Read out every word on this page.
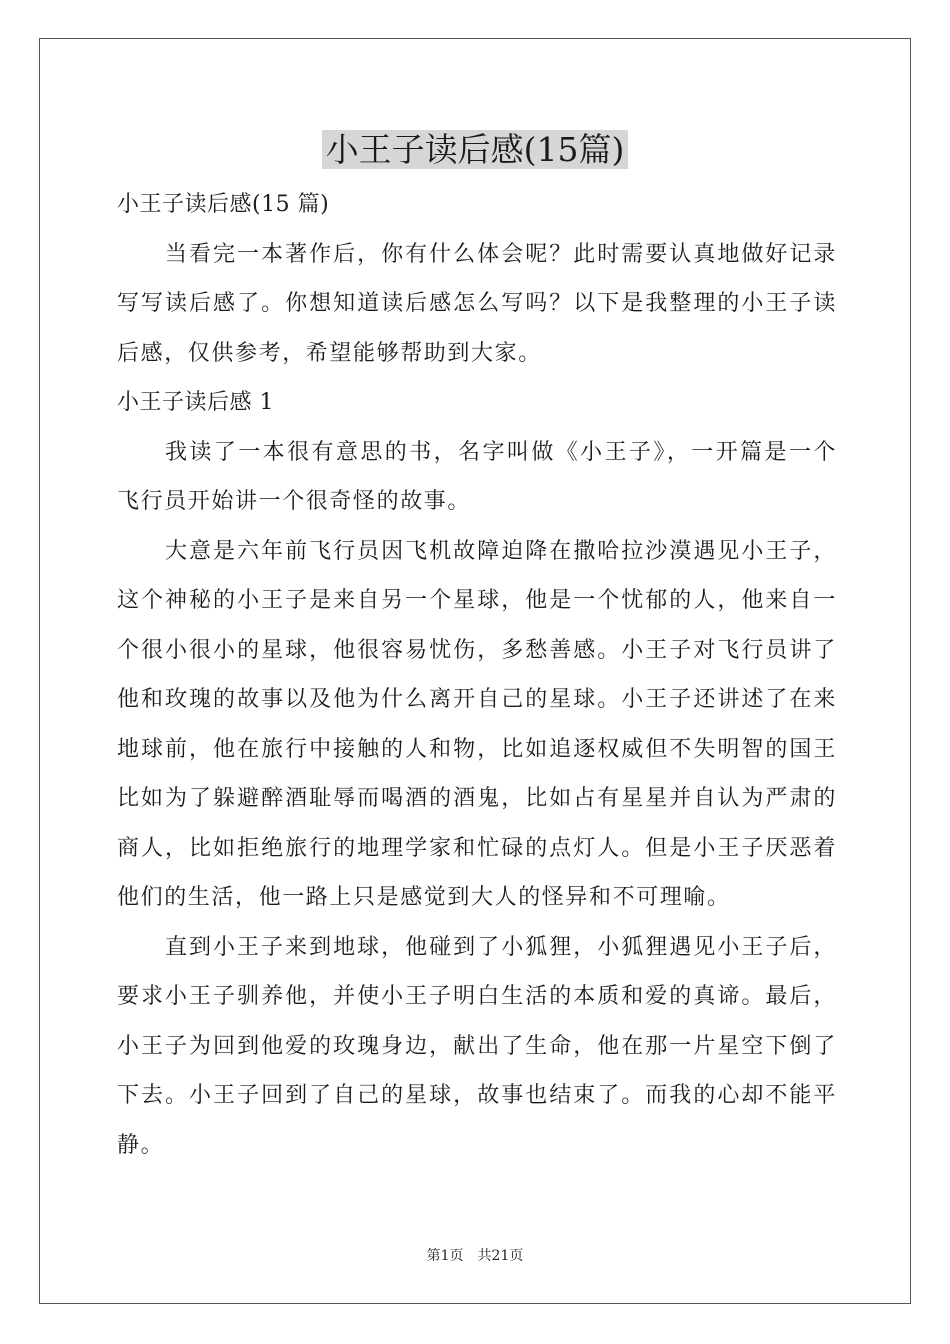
小王子读后感(15篇)

小王子读后感(15 篇)

当看完一本著作后，你有什么体会呢？此时需要认真地做好记录写写读后感了。你想知道读后感怎么写吗？以下是我整理的小王子读后感，仅供参考，希望能够帮助到大家。

小王子读后感 1

我读了一本很有意思的书，名字叫做《小王子》，一开篇是一个飞行员开始讲一个很奇怪的故事。

大意是六年前飞行员因飞机故障迫降在撒哈拉沙漠遇见小王子，这个神秘的小王子是来自另一个星球，他是一个忧郁的人，他来自一个很小很小的星球，他很容易忧伤，多愁善感。小王子对飞行员讲了他和玫瑰的故事以及他为什么离开自己的星球。小王子还讲述了在来地球前，他在旅行中接触的人和物，比如追逐权威但不失明智的国王比如为了躲避醉酒耻辱而喝酒的酒鬼，比如占有星星并自认为严肃的商人，比如拒绝旅行的地理学家和忙碌的点灯人。但是小王子厌恶着他们的生活，他一路上只是感觉到大人的怪异和不可理喻。

直到小王子来到地球，他碰到了小狐狸，小狐狸遇见小王子后，要求小王子驯养他，并使小王子明白生活的本质和爱的真谛。最后，小王子为回到他爱的玫瑰身边，献出了生命，他在那一片星空下倒了下去。小王子回到了自己的星球，故事也结束了。而我的心却不能平静。

第1页 共21页
